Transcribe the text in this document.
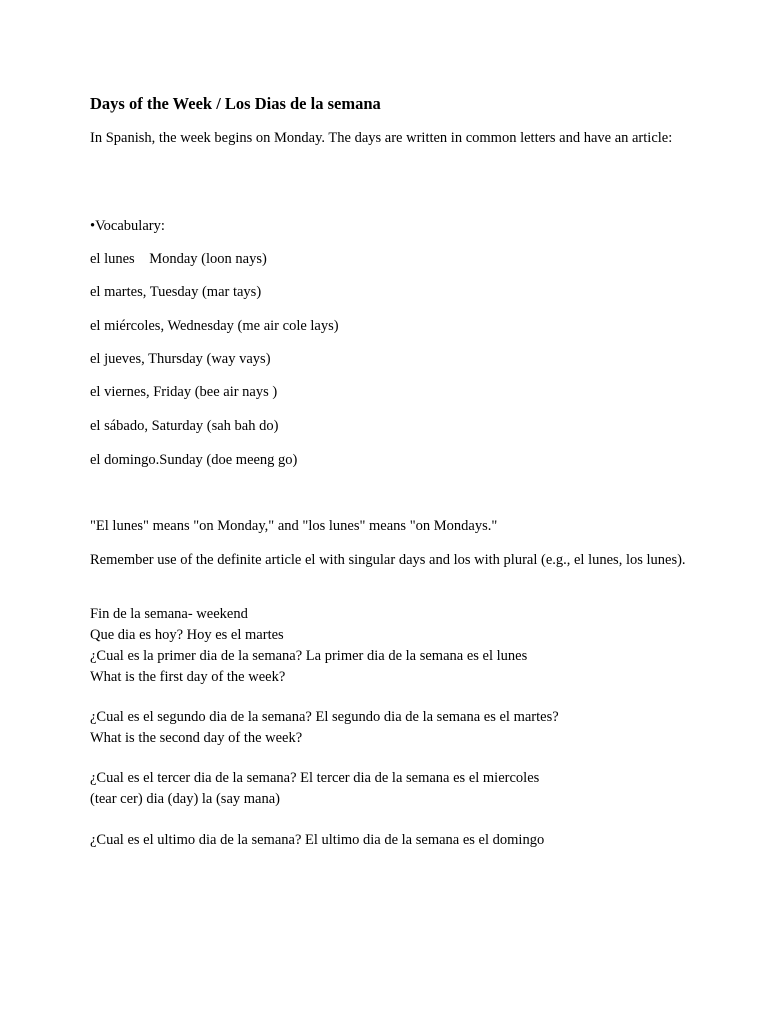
Days of the Week / Los Dias de la semana

In Spanish, the week begins on Monday. The days are written in common letters and have an article:

•Vocabulary:

el lunes    Monday (loon nays)

el martes, Tuesday (mar tays)

el miércoles, Wednesday (me air cole lays)

el jueves, Thursday (way vays)

el viernes, Friday (bee air nays )

el sábado, Saturday (sah bah do)

el domingo.Sunday (doe meeng go)

"El lunes" means "on Monday," and "los lunes" means "on Mondays."

Remember use of the definite article el with singular days and los with plural (e.g., el lunes, los lunes).

Fin de la semana- weekend

Que dia es hoy? Hoy es el martes

¿Cual es la primer dia de la semana? La primer dia de la semana es el lunes

What is the first day of the week?

¿Cual es el segundo dia de la semana? El segundo dia de la semana es el martes?

What is the second day of the week?

¿Cual es el tercer dia de la semana? El tercer dia de la semana es el miercoles

(tear cer) dia (day) la (say mana)

¿Cual es el ultimo dia de la semana? El ultimo dia de la semana es el domingo
